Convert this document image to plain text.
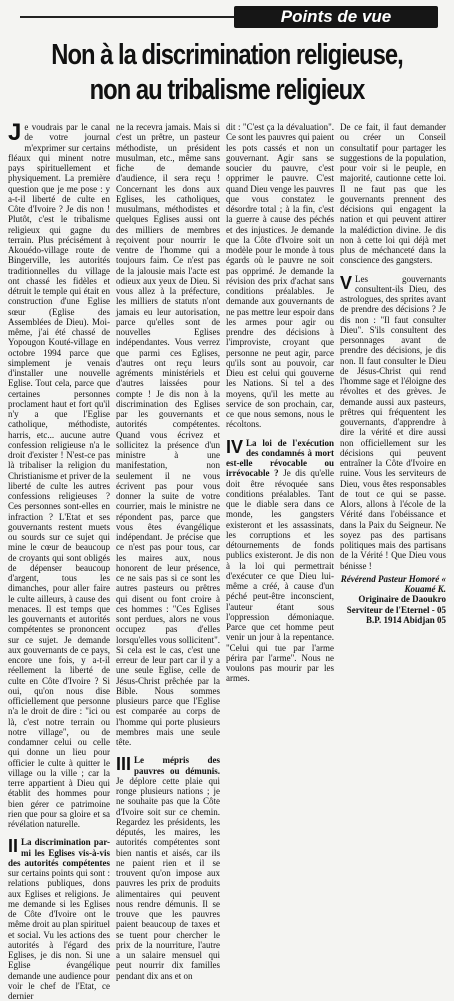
Points de vue
Non à la discrimination religieuse,
non au tribalisme religieux

Je voudrais par le canal de votre journal m'exprimer sur certains fléaux qui minent notre pays spirituellement et physiquement. La première question que je me pose : y a-t-il liberté de culte en Côte d'Ivoire ? Je dis non ! Plutôt, c'est le tribalisme religieux qui gagne du terrain. Plus précisément à Akouédo-village route de Bingerville, les autorités traditionnelles du village ont chassé les fidèles et détruit le temple qui était en construction d'une Eglise sœur (Eglise des Assemblées de Dieu). Moi-même, j'ai été chassé de Yopougon Kouté-village en octobre 1994 parce que simplement je venais d'installer une nouvelle Eglise. Tout cela, parce que certaines personnes proclament haut et fort qu'il n'y a que l'Eglise catholique, méthodiste, harris, etc... aucune autre confession religieuse n'a le droit d'exister ! N'est-ce pas là tribaliser la religion du Christianisme et priver de la liberté de culte les autres confessions religieuses ? Ces personnes sont-elles en infraction ? L'Etat et ses gouvernants restent muets ou sourds sur ce sujet qui mine le cœur de beaucoup de croyants qui sont obligés de dépenser beaucoup d'argent, tous les dimanches, pour aller faire le culte ailleurs, à cause des menaces. Il est temps que les gouvernants et autorités compétentes se prononcent sur ce sujet. Je demande aux gouvernants de ce pays, encore une fois, y a-t-il réellement la liberté de culte en Côte d'Ivoire ? Si oui, qu'on nous dise officiellement que personne n'a le droit de dire : "ici ou là, c'est notre terrain ou notre village", ou de condamner celui ou celle qui donne un lieu pour officier le culte à quitter le village ou la ville ; car la terre appartient à Dieu qui établit des hommes pour bien gérer ce patrimoine rien que pour sa gloire et sa révélation naturelle.

II La discrimination par-mi les Eglises vis-à-vis des autorités compétentes sur certains points qui sont : relations publiques, dons aux Eglises et religions. Je me demande si les Eglises de Côte d'Ivoire ont le même droit au plan spirituel et social. Vu les actions des autorités à l'égard des Eglises, je dis non. Si une Eglise évangélique demande une audience pour voir le chef de l'Etat, ce dernier

ne la recevra jamais. Mais si c'est un prêtre, un pasteur méthodiste, un président musulman, etc., même sans fiche de demande d'audience, il sera reçu ! Concernant les dons aux Eglises, les catholiques, musulmans, méthodistes et quelques Eglises aussi ont des milliers de membres reçoivent pour nourrir le ventre de l'homme qui a toujours faim. Ce n'est pas de la jalousie mais l'acte est odieux aux yeux de Dieu. Si vous allez à la préfecture, les milliers de statuts n'ont jamais eu leur autorisation, parce qu'elles sont de nouvelles Eglises indépendantes. Vous verrez que parmi ces Eglises, d'autres ont reçu leurs agréments ministériels et d'autres laissées pour compte ! Je dis non à la discrimination des Eglises par les gouvernants et autorités compétentes. Quand vous écrivez et sollicitez la présence d'un ministre à une manifestation, non seulement il ne vous écrivent pas pour vous donner la suite de votre courrier, mais le ministre ne répondent pas, parce que vous êtes évangélique indépendant. Je précise que ce n'est pas pour tous, car les maires aux, nous honorent de leur présence, ce ne sais pas si ce sont les autres pasteurs ou prêtres qui disent ou font croire à ces hommes : "Ces Eglises sont perdues, alors ne vous occupez pas d'elles lorsqu'elles vous sollicitent". Si cela est le cas, c'est une erreur de leur part car il y a une seule Eglise, celle de Jésus-Christ prêchée par la Bible. Nous sommes plusieurs parce que l'Eglise est comparée au corps de l'homme qui porte plusieurs membres mais une seule tête.

III Le mépris des pauvres ou démunis. Je déplore cette plaie qui ronge plusieurs nations ; je ne souhaite pas que la Côte d'Ivoire soit sur ce chemin. Regardez les présidents, les députés, les maires, les autorités compétentes sont bien nantis et aisés, car ils ne paient rien et il se trouvent qu'on impose aux pauvres les prix de produits alimentaires qui peuvent nous rendre démunis. Il se trouve que les pauvres paient beaucoup de taxes et se tuent pour chercher le prix de la nourriture, l'autre a un salaire mensuel qui peut nourrir dix familles pendant dix ans et on

dit : "C'est ça la dévaluation". Ce sont les pauvres qui paient les pots cassés et non un gouvernant. Agir sans se soucier du pauvre, c'est opprimer le pauvre. C'est quand Dieu venge les pauvres que vous constatez le désordre total ; à la fin, c'est la guerre à cause des péchés et des injustices. Je demande que la Côte d'Ivoire soit un modèle pour le monde à tous égards où le pauvre ne soit pas opprimé. Je demande la révision des prix d'achat sans conditions préalables. Je demande aux gouvernants de ne pas mettre leur espoir dans les armes pour agir ou prendre des décisions à l'improviste, croyant que personne ne peut agir, parce qu'ils sont au pouvoir, car Dieu est celui qui gouverne les Nations. Si tel a des moyens, qu'il les mette au service de son prochain, car, ce que nous semons, nous le récoltons.

IV La loi de l'exécution des condamnés à mort est-elle révocable ou irrévocable ? Je dis qu'elle doit être révoquée sans conditions préalables. Tant que le diable sera dans ce monde, les gangsters existeront et les assassinats, les corruptions et les détournements de fonds publics existeront. Je dis non à la loi qui permettrait d'exécuter ce que Dieu lui-même a créé, à cause d'un péché peut-être inconscient, l'auteur étant sous l'oppression démoniaque. Parce que cet homme peut venir un jour à la repentance. "Celui qui tue par l'arme périra par l'arme". Nous ne voulons pas mourir par les armes.

De ce fait, il faut demander ou créer un Conseil consultatif pour partager les suggestions de la population, pour voir si le peuple, en majorité, cautionne cette loi. Il ne faut pas que les gouvernants prennent des décisions qui engagent la nation et qui peuvent attirer la malédiction divine. Je dis non à cette loi qui déjà met plus de méchanceté dans la conscience des gangsters.

V Les gouvernants consultent-ils Dieu, des astrologues, des sprites avant de prendre des décisions ? Je dis non : "Il faut consulter Dieu". S'ils consultent des personnages avant de prendre des décisions, je dis non. Il faut consulter le Dieu de Jésus-Christ qui rend l'homme sage et l'éloigne des révoltes et des grèves. Je demande aussi aux pasteurs, prêtres qui fréquentent les gouvernants, d'apprendre à dire la vérité et dire aussi non officiellement sur les décisions qui peuvent entraîner la Côte d'Ivoire en ruine. Vous les serviteurs de Dieu, vous êtes responsables de tout ce qui se passe. Alors, allons à l'école de la Vérité dans l'obéissance et dans la Paix du Seigneur. Ne soyez pas des partisans politiques mais des partisans de la Vérité ! Que Dieu vous bénisse !

Révérend Pasteur Homoré « Kouamé K.
Originaire de Daoukro
Serviteur de l'Eternel - 05
B.P. 1914 Abidjan 05
